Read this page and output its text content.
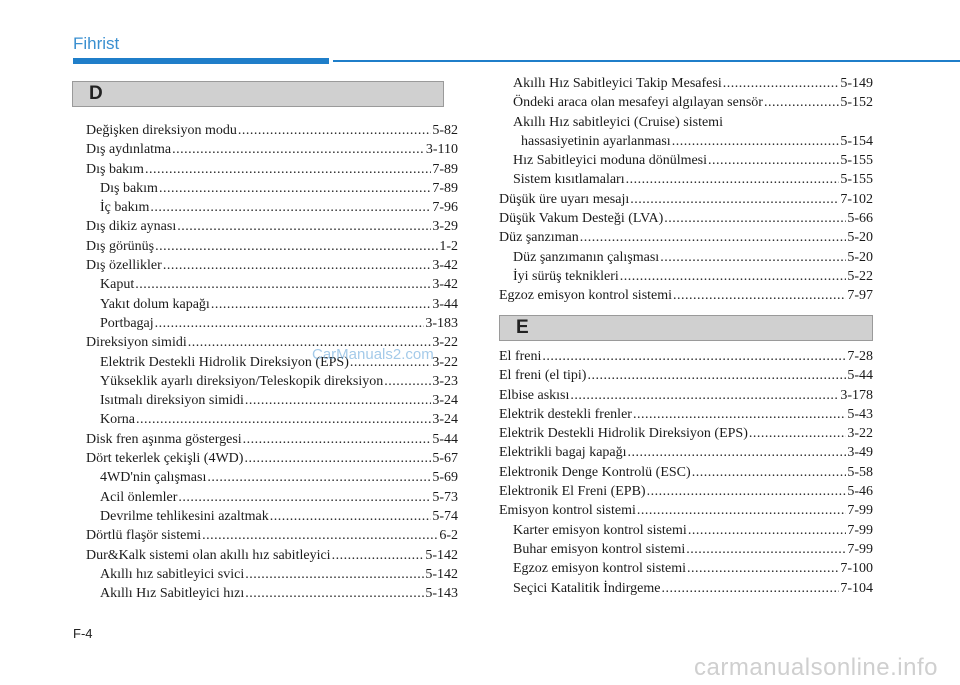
Fihrist
D
Değişken direksiyon modu .....	5-82
Dış aydınlatma .....	3-110
Dış bakım .....	7-89
Dış bakım .....	7-89
İç bakım .....	7-96
Dış dikiz aynası .....	3-29
Dış görünüş .....	1-2
Dış özellikler .....	3-42
Kaput .....	3-42
Yakıt dolum kapağı .....	3-44
Portbagaj .....	3-183
Direksiyon simidi .....	3-22
Elektrik Destekli Hidrolik Direksiyon (EPS) .....	3-22
Yükseklik ayarlı direksiyon/Teleskopik direksiyon .....	3-23
Isıtmalı direksiyon simidi .....	3-24
Korna .....	3-24
Disk fren aşınma göstergesi .....	5-44
Dört tekerlek çekişli (4WD) .....	5-67
4WD'nin çalışması .....	5-69
Acil önlemler .....	5-73
Devrilme tehlikesini azaltmak .....	5-74
Dörtlü flaşör sistemi .....	6-2
Dur&Kalk sistemi olan akıllı hız sabitleyici .....	5-142
Akıllı hız sabitleyici svici .....	5-142
Akıllı Hız Sabitleyici hızı .....	5-143
Akıllı Hız Sabitleyici Takip Mesafesi .....	5-149
Öndeki araca olan mesafeyi algılayan sensör .....	5-152
Akıllı Hız sabitleyici (Cruise) sistemi
hassasiyetinin ayarlanması .....	5-154
Hız Sabitleyici moduna dönülmesi .....	5-155
Sistem kısıtlamaları .....	5-155
Düşük üre uyarı mesajı .....	7-102
Düşük Vakum Desteği (LVA) .....	5-66
Düz şanzıman .....	5-20
Düz şanzımanın çalışması .....	5-20
İyi sürüş teknikleri .....	5-22
Egzoz emisyon kontrol sistemi .....	7-97
E
El freni .....	7-28
El freni (el tipi) .....	5-44
Elbise askısı .....	3-178
Elektrik destekli frenler .....	5-43
Elektrik Destekli Hidrolik Direksiyon (EPS) .....	3-22
Elektrikli bagaj kapağı .....	3-49
Elektronik Denge Kontrolü (ESC) .....	5-58
Elektronik El Freni (EPB) .....	5-46
Emisyon kontrol sistemi .....	7-99
Karter emisyon kontrol sistemi .....	7-99
Buhar emisyon kontrol sistemi .....	7-99
Egzoz emisyon kontrol sistemi .....	7-100
Seçici Katalitik İndirgeme .....	7-104
CarManuals2.com
F-4
carmanualsonline.info
